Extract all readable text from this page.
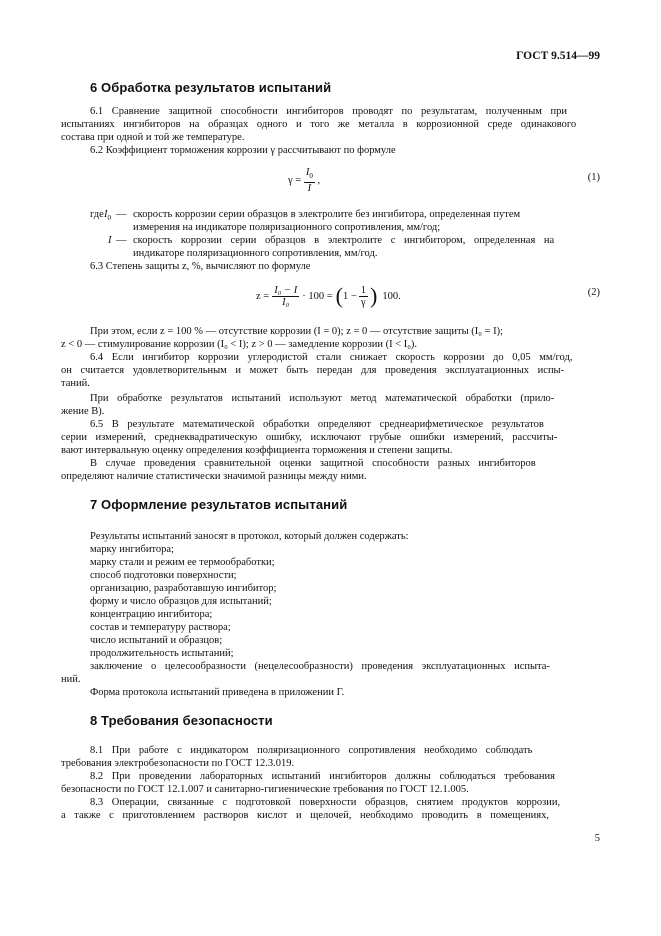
ГОСТ 9.514—99
6 Обработка результатов испытаний
6.1 Сравнение защитной способности ингибиторов проводят по результатам, полученным при
испытаниях ингибиторов на образцах одного и того же металла в коррозионной среде одинакового
состава при одной и той же температуре.
6.2 Коэффициент торможения коррозии γ рассчитывают по формуле
$\gamma = \frac{I_0}{I}$ ,	(1)
где $I_0$ — скорость коррозии серии образцов в электролите без ингибитора, определенная путем
измерения на индикаторе поляризационного сопротивления, мм/год;
I — скорость коррозии серии образцов в электролите с ингибитором, определенная на
индикаторе поляризационного сопротивления, мм/год.
6.3 Степень защиты z, %, вычисляют по формуле
$z = \frac{\text{I₀ − I}}{\text{I₀}} \cdot 100$ = ( $1 - \frac{1}{\gamma}$ ) 100.	(2)
При этом, если z = 100 % — отсутствие коррозии (I = 0); z = 0 — отсутствие защиты (I₀ = I);
z < 0 — стимулирование коррозии (I₀ < I); z > 0 — замедление коррозии (I < I₀).
6.4 Если ингибитор коррозии углеродистой стали снижает скорость коррозии до 0,05 мм/год,
он считается удовлетворительным и может быть передан для проведения эксплуатационных испы-
таний.
При обработке результатов испытаний используют метод математической обработки (прило-
жение В).
6.5 В результате математической обработки определяют среднеарифметическое результатов
серии измерений, среднеквадратическую ошибку, исключают грубые ошибки измерений, рассчиты-
вают интервальную оценку определения коэффициента торможения и степени защиты.
В случае проведения сравнительной оценки защитной способности разных ингибиторов
определяют наличие статистически значимой разницы между ними.
7 Оформление результатов испытаний
Результаты испытаний заносят в протокол, который должен содержать:
марку ингибитора;
марку стали и режим ее термообработки;
способ подготовки поверхности;
организацию, разработавшую ингибитор;
форму и число образцов для испытаний;
концентрацию ингибитора;
состав и температуру раствора;
число испытаний и образцов;
продолжительность испытаний;
заключение о целесообразности (нецелесообразности) проведения эксплуатационных испыта-
ний.
Форма протокола испытаний приведена в приложении Г.
8 Требования безопасности
8.1 При работе с индикатором поляризационного сопротивления необходимо соблюдать
требования электробезопасности по ГОСТ 12.3.019.
8.2 При проведении лабораторных испытаний ингибиторов должны соблюдаться требования
безопасности по ГОСТ 12.1.007 и санитарно-гигиенические требования по ГОСТ 12.1.005.
8.3 Операции, связанные с подготовкой поверхности образцов, снятием продуктов коррозии,
а также с приготовлением растворов кислот и щелочей, необходимо проводить в помещениях,
5
